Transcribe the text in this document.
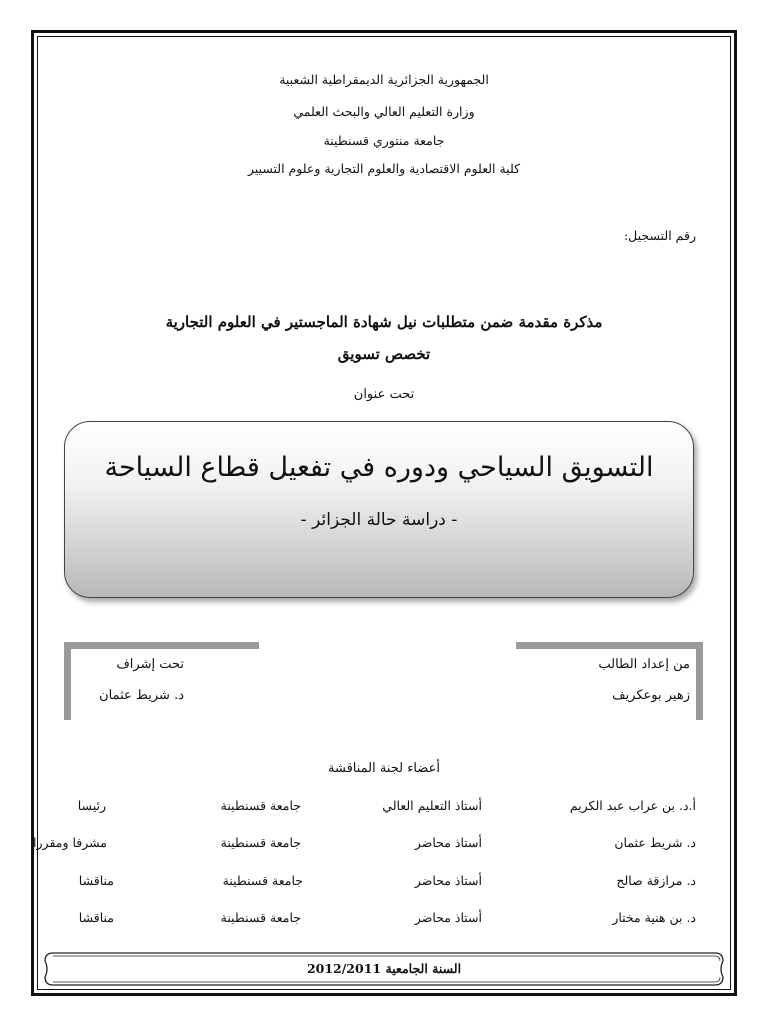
الجمهورية الجزائرية الديمقراطية الشعبية
وزارة التعليم العالي والبحث العلمي
جامعة منتوري قسنطينة
كلية العلوم الاقتصادية والعلوم التجارية وعلوم التسيير
رقم التسجيل:
مذكرة مقدمة ضمن متطلبات نيل شهادة الماجستير في العلوم التجارية
تخصص تسويق
تحت عنوان
التسويق السياحي ودوره في تفعيل قطاع السياحة
- دراسة حالة الجزائر -
من إعداد الطالب
زهير بوعكريف
تحت إشراف
د. شريط عثمان
أعضاء لجنة المناقشة
أ.د. بن عراب عبد الكريم
أستاذ التعليم العالي
جامعة قسنطينة
رئيسا
د. شريط عثمان
أستاذ محاضر
جامعة قسنطينة
مشرفا ومقررا
د. مرازقة صالح
أستاذ محاضر
جامعة قسنطينة
مناقشا
د. بن هنية مختار
أستاذ محاضر
جامعة قسنطينة
مناقشا
السنة الجامعية 2012/2011
